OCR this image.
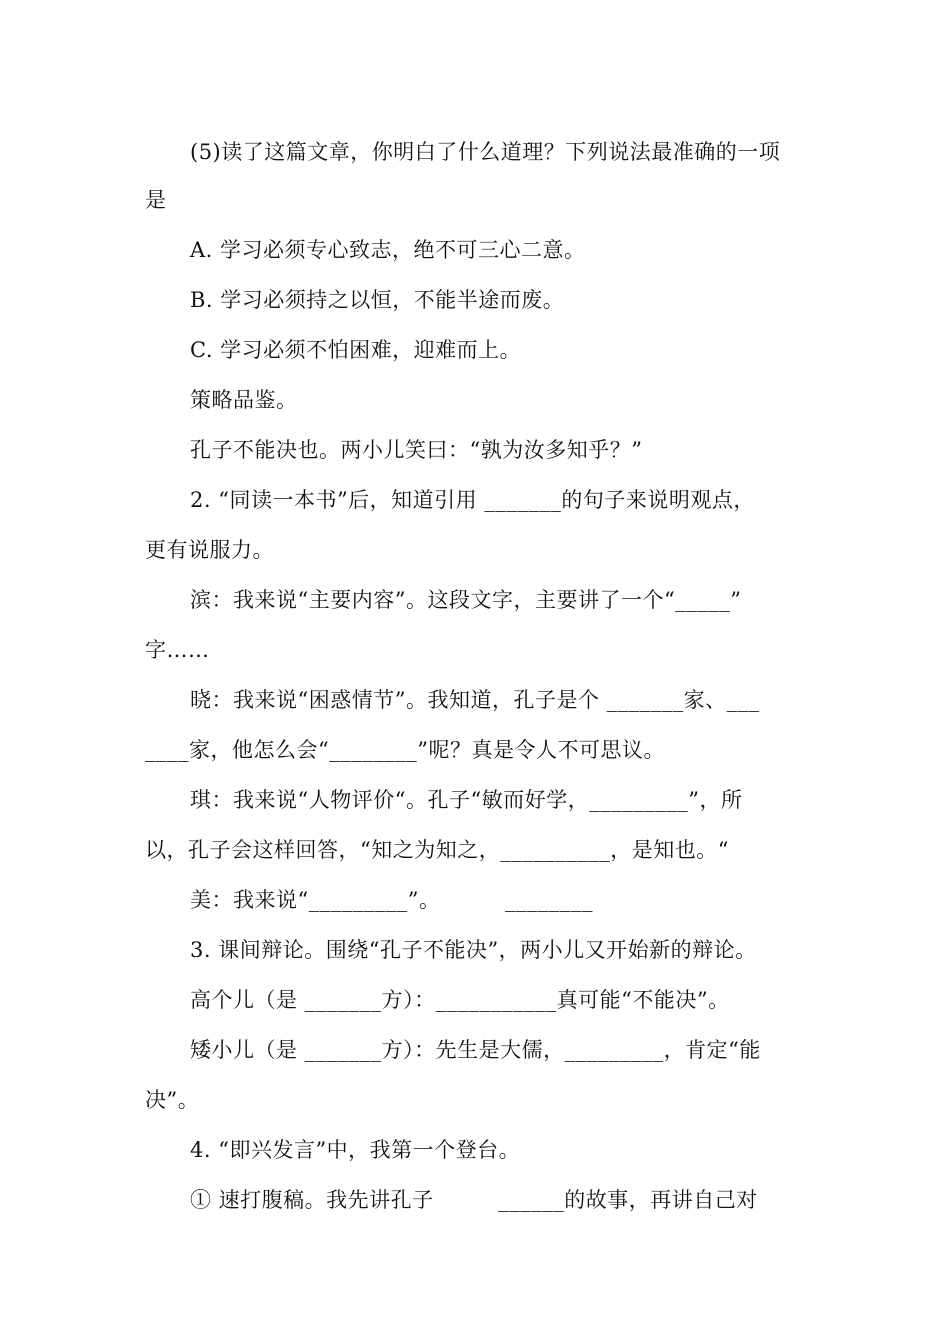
(5)读了这篇文章，你明白了什么道理？下列说法最准确的一项
是
A. 学习必须专心致志，绝不可三心二意。
B. 学习必须持之以恒，不能半途而废。
C. 学习必须不怕困难，迎难而上。
策略品鉴。
孔子不能决也。两小儿笑曰：“孰为汝多知乎？”
2. “同读一本书”后，知道引用 _______的句子来说明观点，
更有说服力。
滨：我来说“主要内容”。这段文字，主要讲了一个“_____”
字……
晓：我来说“困惑情节”。我知道，孔子是个 _______家、___
____家，他怎么会“________”呢？真是令人不可思议。
琪：我来说“人物评价“。孔子“敏而好学，_________”，所
以，孔子会这样回答，“知之为知之，__________，是知也。“
美：我来说“_________”。         ________
3. 课间辩论。围绕“孔子不能决”，两小儿又开始新的辩论。
高个儿（是 _______方）：___________真可能“不能决”。
矮小儿（是 _______方）：先生是大儒，_________，肯定“能
决”。
4. “即兴发言”中，我第一个登台。
① 速打腹稿。我先讲孔子         ______的故事，再讲自己对
